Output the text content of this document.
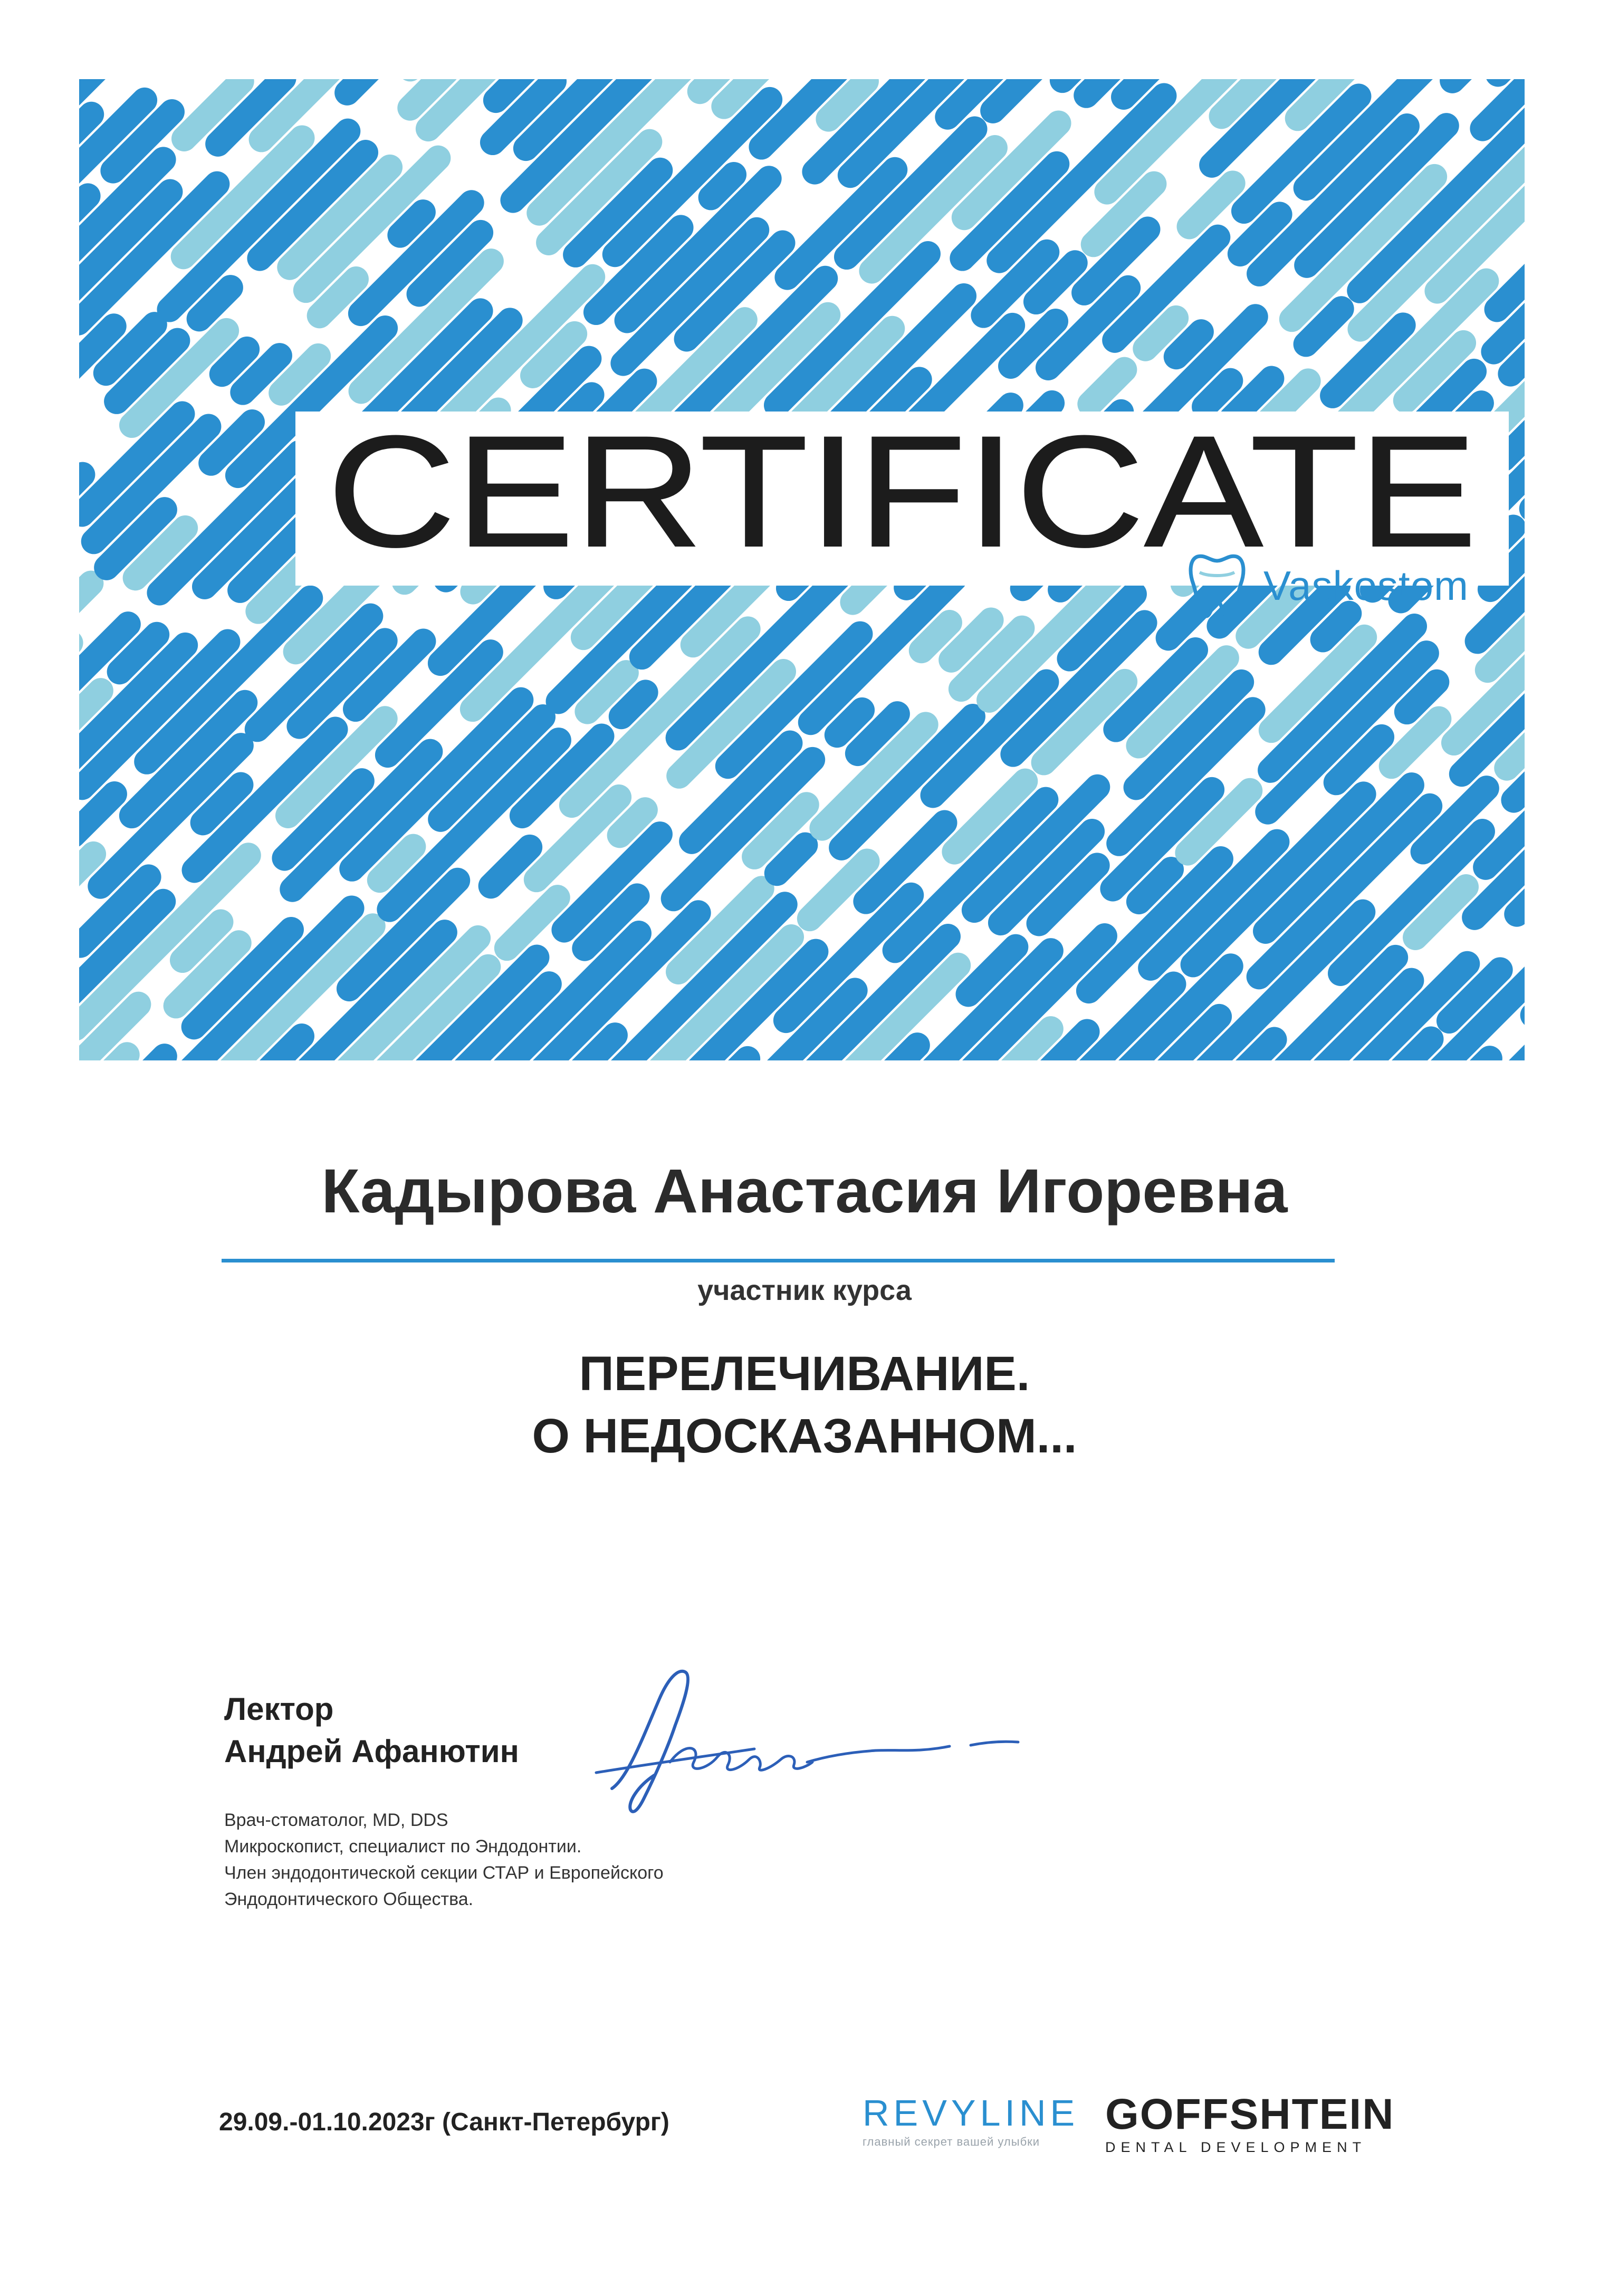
CERTIFICATE
Vaskostom
Кадырова Анастасия Игоревна
участник курса
ПЕРЕЛЕЧИВАНИЕ.
О НЕДОСКАЗАННОМ...
Лектор
Андрей Афанютин
Врач-стоматолог, MD, DDS
Микроскопист, специалист по Эндодонтии.
Член эндодонтической секции СТАР и Европейского
Эндодонтического Общества.
29.09.-01.10.2023г (Санкт-Петербург)	REVYLINE
главный секрет вашей улыбки
GOFFSHTEIN
DENTAL DEVELOPMENT
